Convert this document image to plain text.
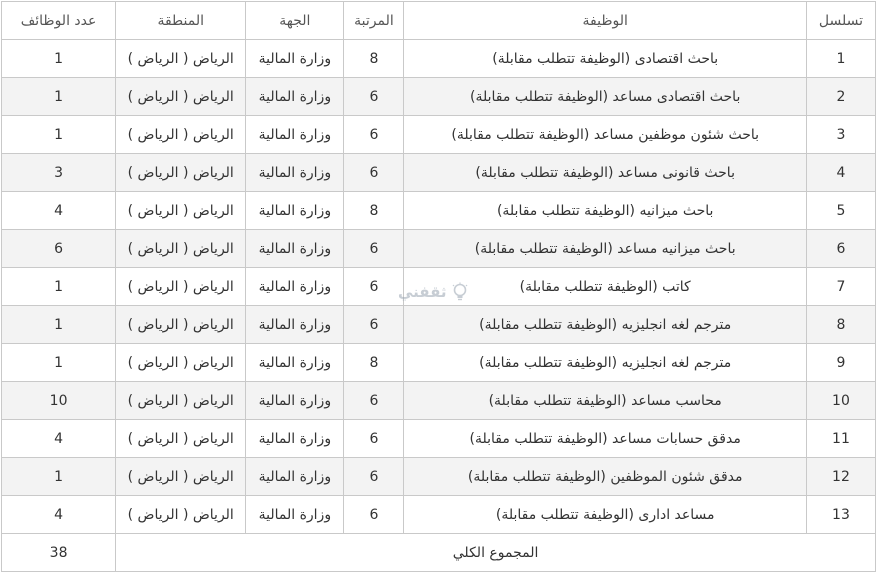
تسلسل	الوظيفة	المرتبة	الجهة	المنطقة	عدد الوظائف
1	باحث اقتصادى (الوظيفة تتطلب مقابلة)	8	وزارة المالية	الرياض ( الرياض )	1
2	باحث اقتصادى مساعد (الوظيفة تتطلب مقابلة)	6	وزارة المالية	الرياض ( الرياض )	1
3	باحث شئون موظفين مساعد (الوظيفة تتطلب مقابلة)	6	وزارة المالية	الرياض ( الرياض )	1
4	باحث قانونى مساعد (الوظيفة تتطلب مقابلة)	6	وزارة المالية	الرياض ( الرياض )	3
5	باحث ميزانيه (الوظيفة تتطلب مقابلة)	8	وزارة المالية	الرياض ( الرياض )	4
6	باحث ميزانيه مساعد (الوظيفة تتطلب مقابلة)	6	وزارة المالية	الرياض ( الرياض )	6
7	كاتب (الوظيفة تتطلب مقابلة)	6	وزارة المالية	الرياض ( الرياض )	1
8	مترجم لغه انجليزيه (الوظيفة تتطلب مقابلة)	6	وزارة المالية	الرياض ( الرياض )	1
9	مترجم لغه انجليزيه (الوظيفة تتطلب مقابلة)	8	وزارة المالية	الرياض ( الرياض )	1
10	محاسب مساعد (الوظيفة تتطلب مقابلة)	6	وزارة المالية	الرياض ( الرياض )	10
11	مدقق حسابات مساعد (الوظيفة تتطلب مقابلة)	6	وزارة المالية	الرياض ( الرياض )	4
12	مدقق شئون الموظفين (الوظيفة تتطلب مقابلة)	6	وزارة المالية	الرياض ( الرياض )	1
13	مساعد ادارى (الوظيفة تتطلب مقابلة)	6	وزارة المالية	الرياض ( الرياض )	4
المجموع الكلي					38
ثقفني
